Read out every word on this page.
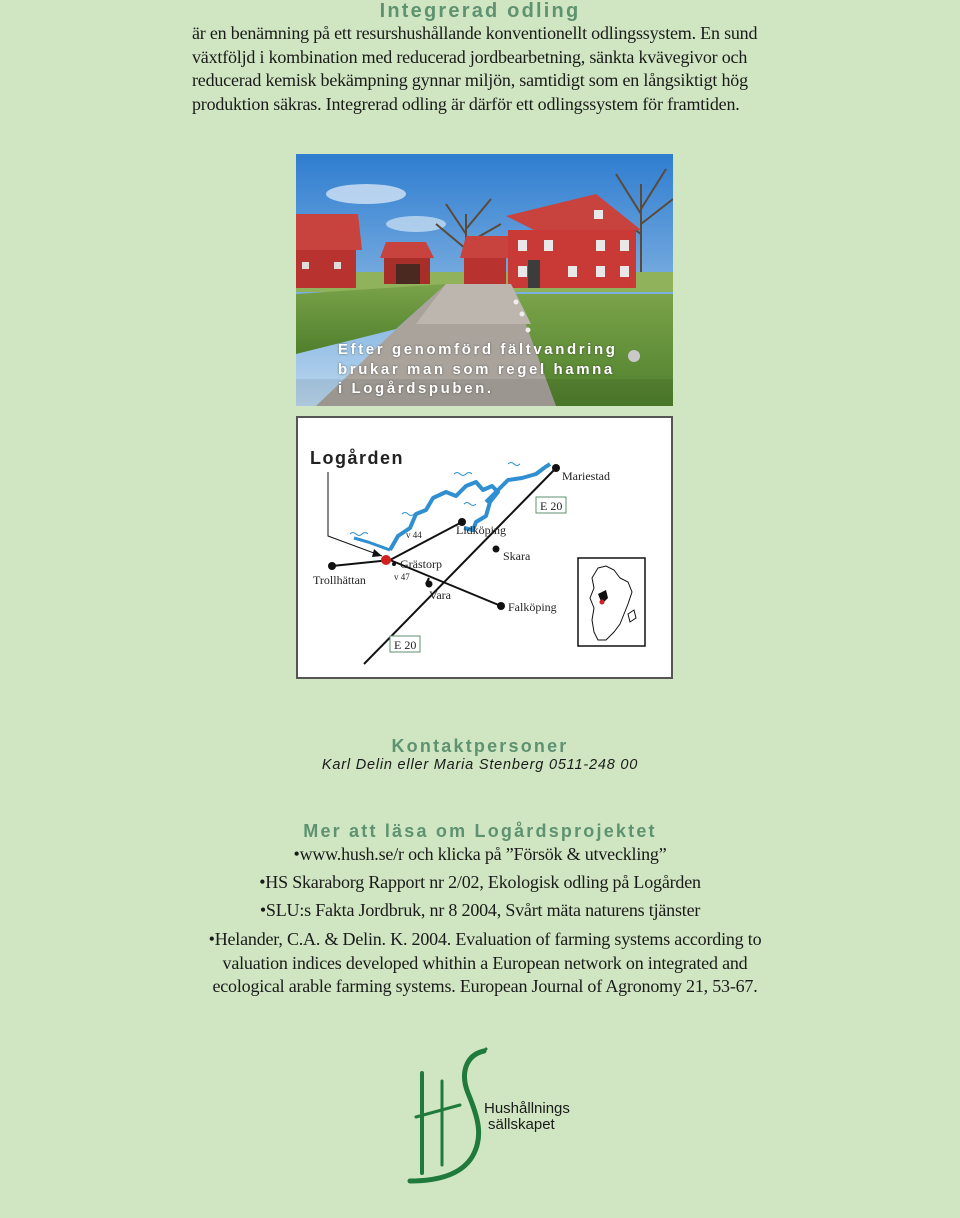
Integrerad odling

är en benämning på ett resurshushållande konventionellt odlingssystem. En sund växtföljd i kombination med reducerad jordbearbetning, sänkta kvävegivor och reducerad kemisk bekämpning gynnar miljön, samtidigt som en långsiktigt hög produktion säkras. Integrerad odling är därför ett odlingssystem för framtiden.

Efter genomförd fältvandring
brukar man som regel hamna
i Logårdspuben.
Logården
Mariestad
Lidköping
Skara
Grästorp
Trollhättan
Vara
Falköping
v 44
v 47
E 20
E 20
Kontaktpersoner
Karl Delin eller Maria Stenberg 0511-248 00
Mer att läsa om Logårdsprojektet
•www.hush.se/r och klicka på ”Försök & utveckling”
•HS Skaraborg Rapport nr 2/02, Ekologisk odling på Logården
•SLU:s Fakta Jordbruk, nr 8 2004, Svårt mäta naturens tjänster
•Helander, C.A. & Delin. K. 2004. Evaluation of farming systems according to valuation indices developed whithin a European network on integrated and ecological arable farming systems. European Journal of Agronomy 21, 53-67.
Hushållnings
sällskapet
